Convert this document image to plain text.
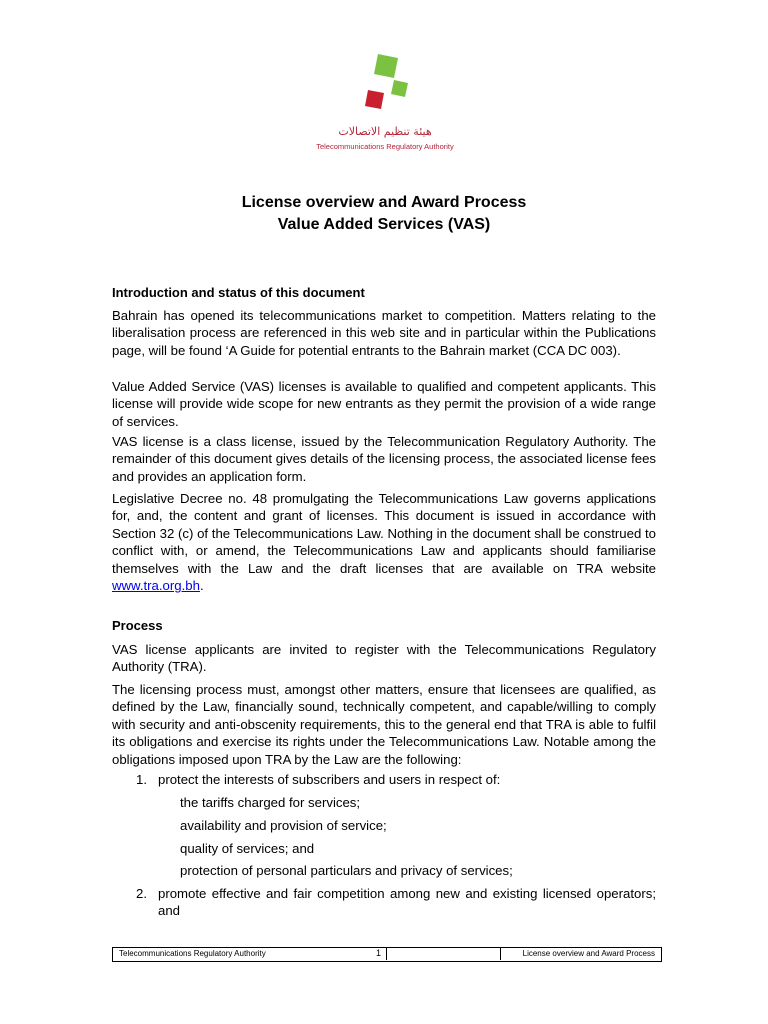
هيئة تنظيم الاتصالات
Telecommunications Regulatory Authority
License overview and Award Process
Value Added Services (VAS)
Introduction and status of this document

Bahrain has opened its telecommunications market to competition. Matters relating to the liberalisation process are referenced in this web site and in particular within the Publications page, will be found ‘A Guide for potential entrants to the Bahrain market (CCA DC 003).

Value Added Service (VAS) licenses is available to qualified and competent applicants. This license will provide wide scope for new entrants as they permit the provision of a wide range of services.

VAS license is a class license, issued by the Telecommunication Regulatory Authority. The remainder of this document gives details of the licensing process, the associated license fees and provides an application form.

Legislative Decree no. 48 promulgating the Telecommunications Law governs applications for, and, the content and grant of licenses. This document is issued in accordance with Section 32 (c) of the Telecommunications Law. Nothing in the document shall be construed to conflict with, or amend, the Telecommunications Law and applicants should familiarise themselves with the Law and the draft licenses that are available on TRA website www.tra.org.bh.

Process

VAS license applicants are invited to register with the Telecommunications Regulatory Authority (TRA).

The licensing process must, amongst other matters, ensure that licensees are qualified, as defined by the Law, financially sound, technically competent, and capable/willing to comply with security and anti-obscenity requirements, this to the general end that TRA is able to fulfil its obligations and exercise its rights under the Telecommunications Law. Notable among the obligations imposed upon TRA by the Law are the following:

1. protect the interests of subscribers and users in respect of:
the tariffs charged for services;
availability and provision of service;
quality of services; and
protection of personal particulars and privacy of services;
2. promote effective and fair competition among new and existing licensed operators; and
Telecommunications Regulatory Authority	1	License overview and Award Process
